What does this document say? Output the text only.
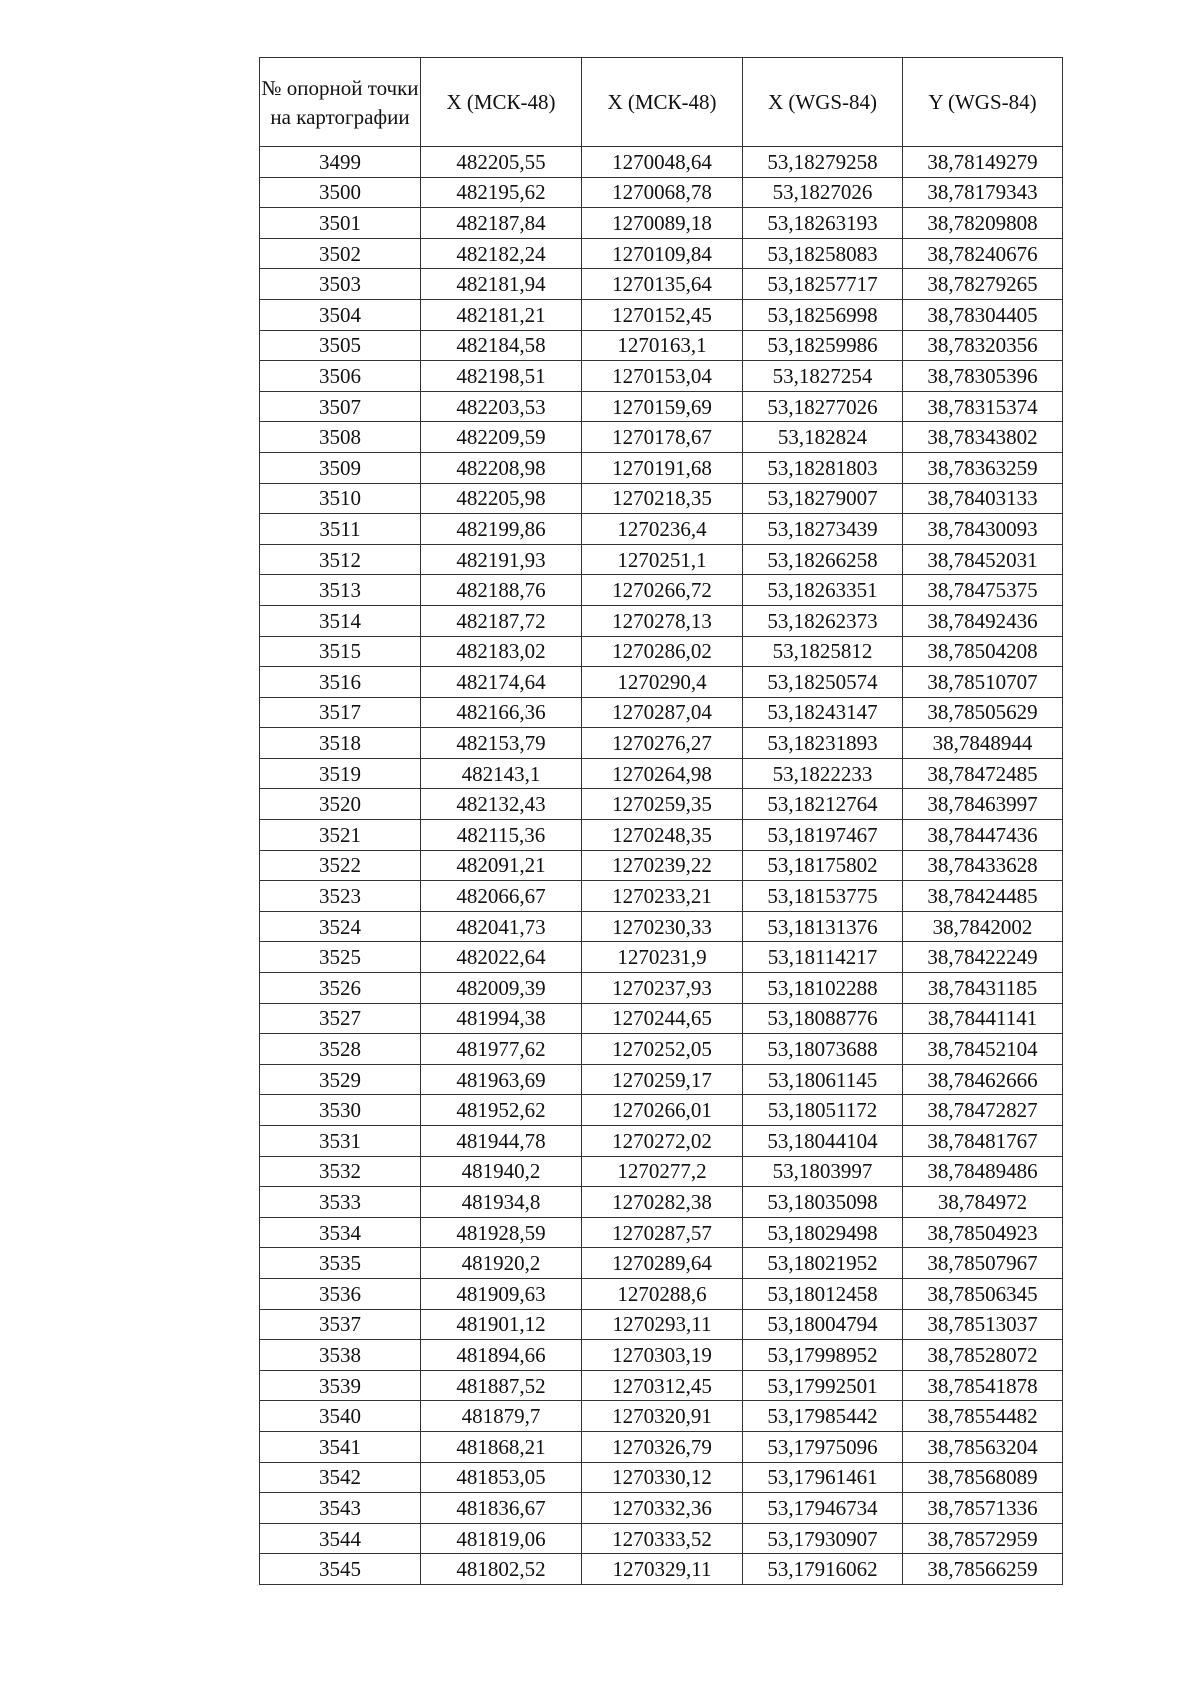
№ опорной точки на картографии	X (МСК-48)	X (МСК-48)	X (WGS-84)	Y (WGS-84)
3499	482205,55	1270048,64	53,18279258	38,78149279
3500	482195,62	1270068,78	53,1827026	38,78179343
3501	482187,84	1270089,18	53,18263193	38,78209808
3502	482182,24	1270109,84	53,18258083	38,78240676
3503	482181,94	1270135,64	53,18257717	38,78279265
3504	482181,21	1270152,45	53,18256998	38,78304405
3505	482184,58	1270163,1	53,18259986	38,78320356
3506	482198,51	1270153,04	53,1827254	38,78305396
3507	482203,53	1270159,69	53,18277026	38,78315374
3508	482209,59	1270178,67	53,182824	38,78343802
3509	482208,98	1270191,68	53,18281803	38,78363259
3510	482205,98	1270218,35	53,18279007	38,78403133
3511	482199,86	1270236,4	53,18273439	38,78430093
3512	482191,93	1270251,1	53,18266258	38,78452031
3513	482188,76	1270266,72	53,18263351	38,78475375
3514	482187,72	1270278,13	53,18262373	38,78492436
3515	482183,02	1270286,02	53,1825812	38,78504208
3516	482174,64	1270290,4	53,18250574	38,78510707
3517	482166,36	1270287,04	53,18243147	38,78505629
3518	482153,79	1270276,27	53,18231893	38,7848944
3519	482143,1	1270264,98	53,1822233	38,78472485
3520	482132,43	1270259,35	53,18212764	38,78463997
3521	482115,36	1270248,35	53,18197467	38,78447436
3522	482091,21	1270239,22	53,18175802	38,78433628
3523	482066,67	1270233,21	53,18153775	38,78424485
3524	482041,73	1270230,33	53,18131376	38,7842002
3525	482022,64	1270231,9	53,18114217	38,78422249
3526	482009,39	1270237,93	53,18102288	38,78431185
3527	481994,38	1270244,65	53,18088776	38,78441141
3528	481977,62	1270252,05	53,18073688	38,78452104
3529	481963,69	1270259,17	53,18061145	38,78462666
3530	481952,62	1270266,01	53,18051172	38,78472827
3531	481944,78	1270272,02	53,18044104	38,78481767
3532	481940,2	1270277,2	53,1803997	38,78489486
3533	481934,8	1270282,38	53,18035098	38,784972
3534	481928,59	1270287,57	53,18029498	38,78504923
3535	481920,2	1270289,64	53,18021952	38,78507967
3536	481909,63	1270288,6	53,18012458	38,78506345
3537	481901,12	1270293,11	53,18004794	38,78513037
3538	481894,66	1270303,19	53,17998952	38,78528072
3539	481887,52	1270312,45	53,17992501	38,78541878
3540	481879,7	1270320,91	53,17985442	38,78554482
3541	481868,21	1270326,79	53,17975096	38,78563204
3542	481853,05	1270330,12	53,17961461	38,78568089
3543	481836,67	1270332,36	53,17946734	38,78571336
3544	481819,06	1270333,52	53,17930907	38,78572959
3545	481802,52	1270329,11	53,17916062	38,78566259
